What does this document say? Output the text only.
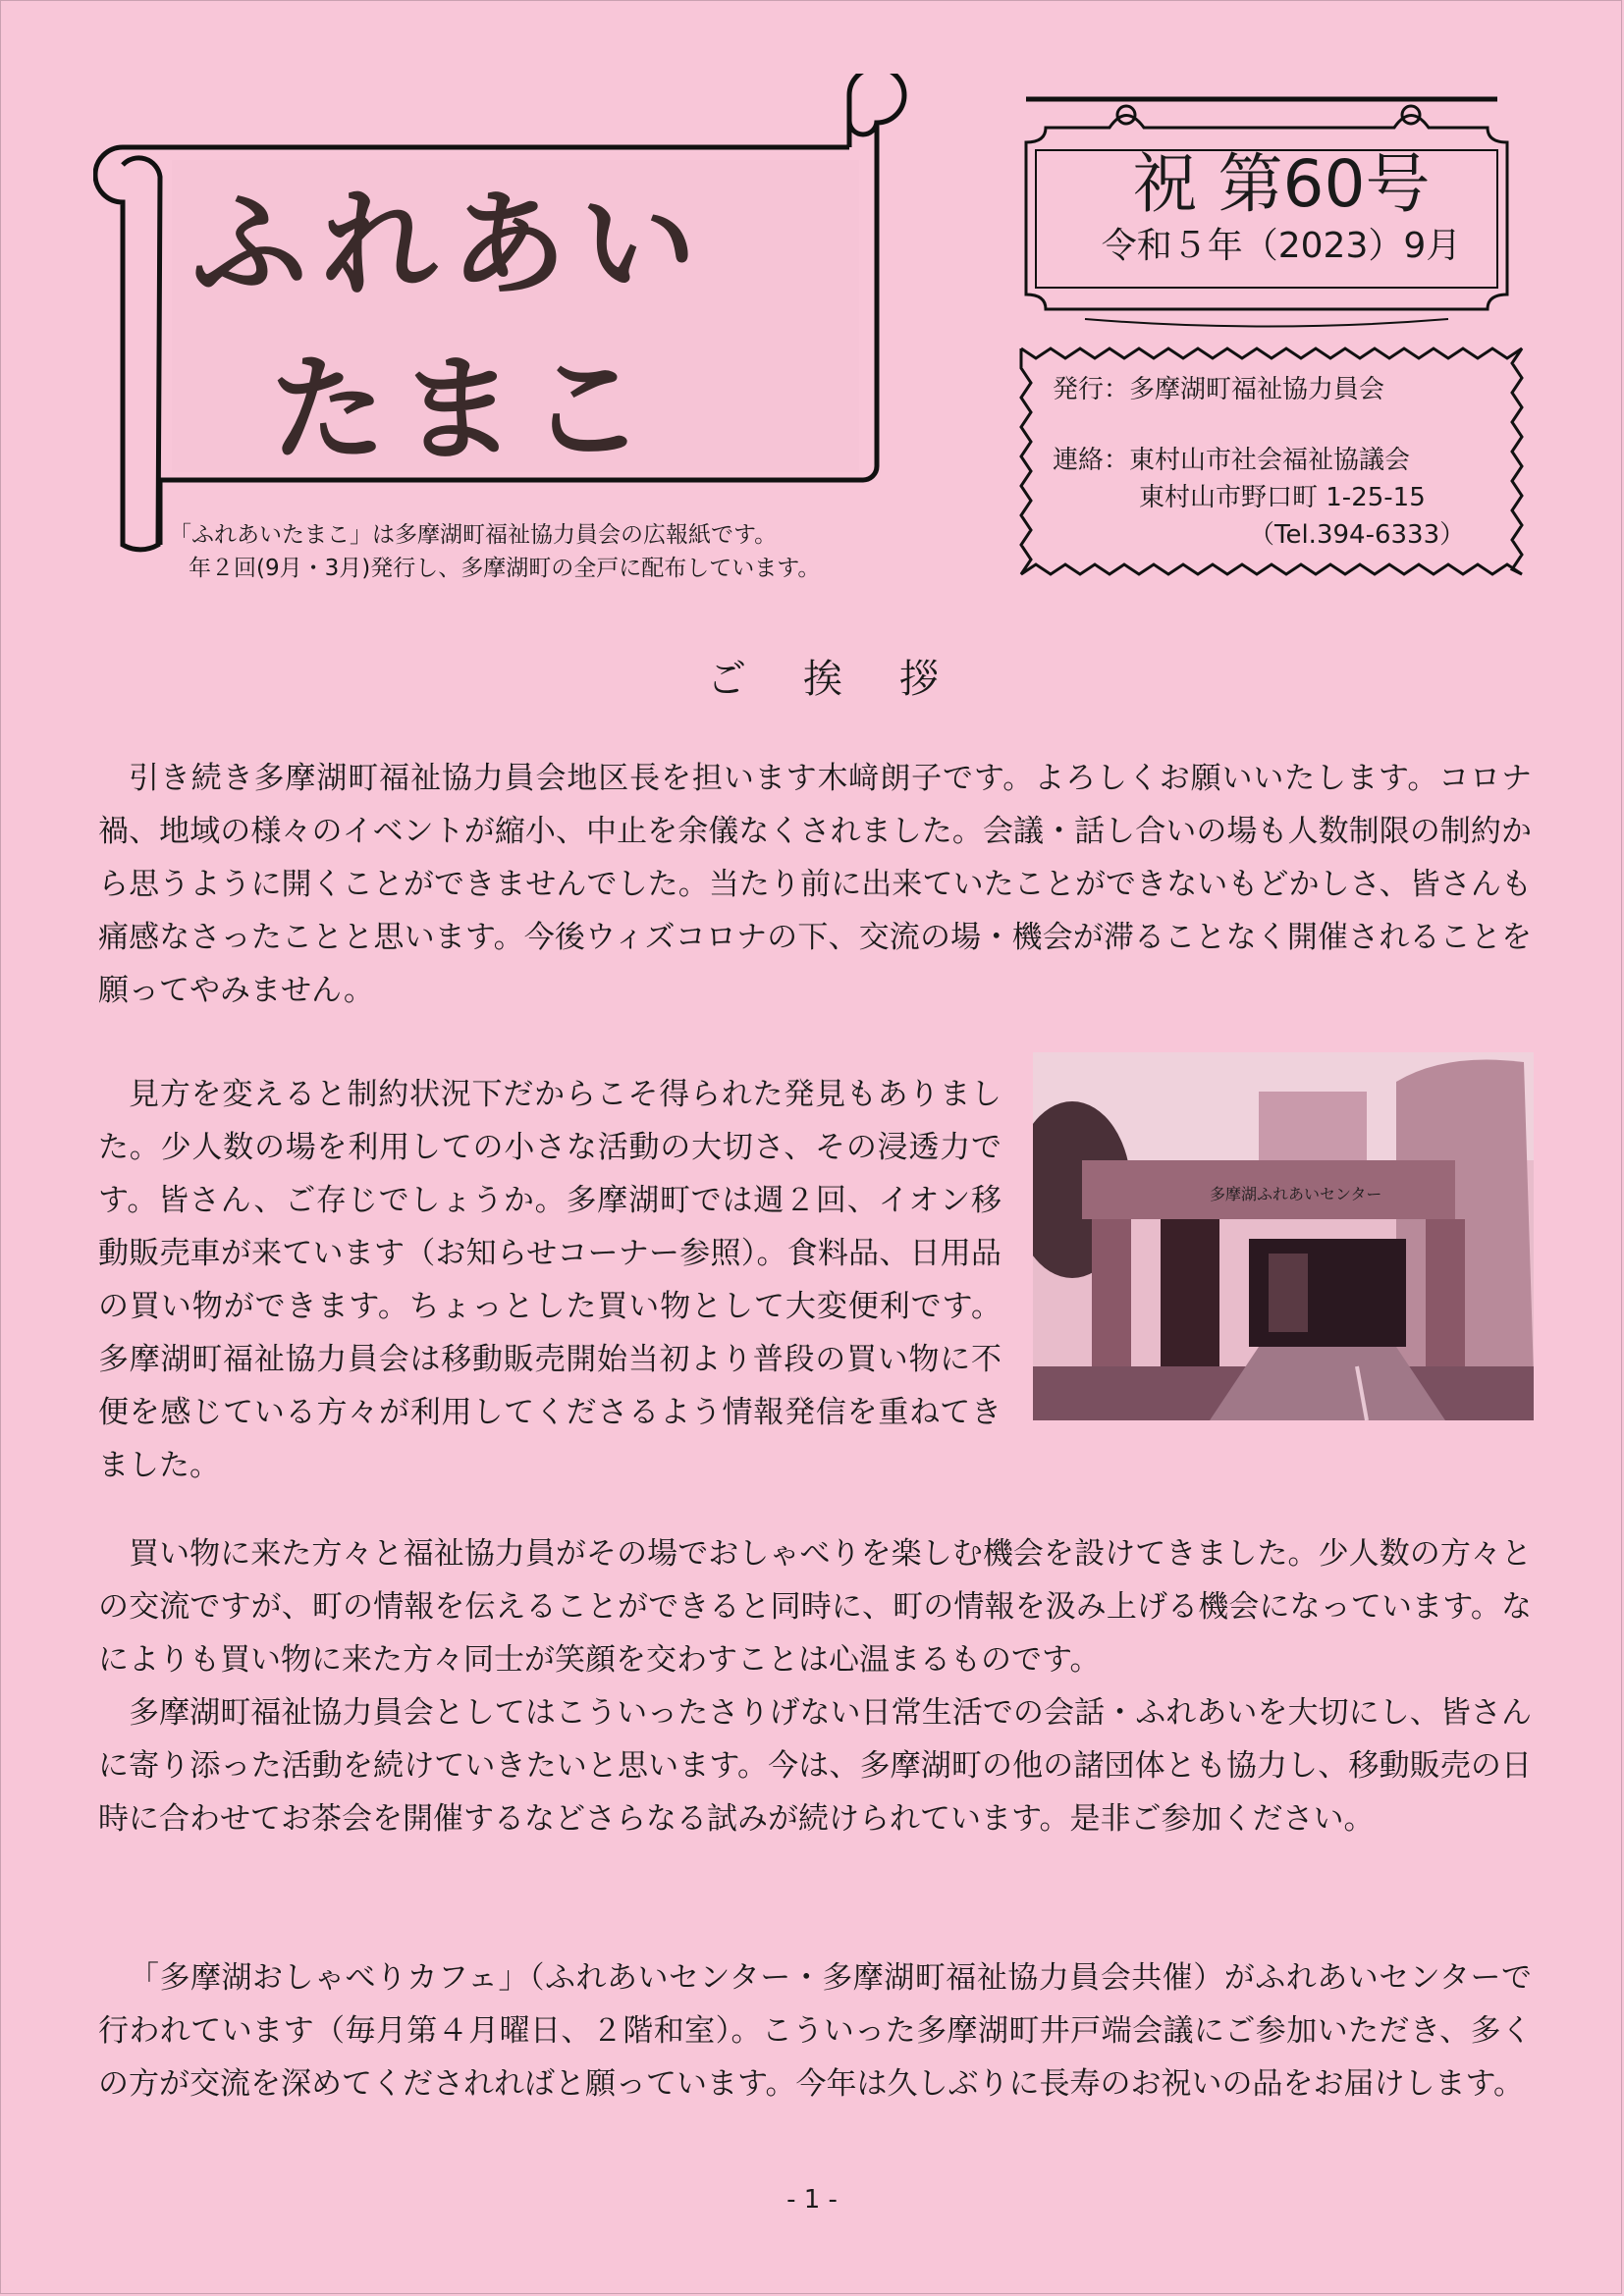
ふれあい
たまこ
「ふれあいたまこ」は多摩湖町福祉協力員会の広報紙です。
年２回(9月・3月)発行し、多摩湖町の全戸に配布しています。
祝 第60号
令和５年（2023）9月
発行：多摩湖町福祉協力員会
連絡：東村山市社会福祉協議会
東村山市野口町 1-25-15
（Tel.394-6333）
ご挨拶

引き続き多摩湖町福祉協力員会地区長を担います木﨑朗子です。よろしくお願いいたします。コロナ禍、地域の様々のイベントが縮小、中止を余儀なくされました。会議・話し合いの場も人数制限の制約から思うように開くことができませんでした。当たり前に出来ていたことができないもどかしさ、皆さんも痛感なさったことと思います。今後ウィズコロナの下、交流の場・機会が滞ることなく開催されることを願ってやみません。

見方を変えると制約状況下だからこそ得られた発見もありました。少人数の場を利用しての小さな活動の大切さ、その浸透力です。皆さん、ご存じでしょうか。多摩湖町では週２回、イオン移動販売車が来ています（お知らせコーナー参照）。食料品、日用品の買い物ができます。ちょっとした買い物として大変便利です。多摩湖町福祉協力員会は移動販売開始当初より普段の買い物に不便を感じている方々が利用してくださるよう情報発信を重ねてきました。

多摩湖ふれあいセンター

買い物に来た方々と福祉協力員がその場でおしゃべりを楽しむ機会を設けてきました。少人数の方々との交流ですが、町の情報を伝えることができると同時に、町の情報を汲み上げる機会になっています。なによりも買い物に来た方々同士が笑顔を交わすことは心温まるものです。

多摩湖町福祉協力員会としてはこういったさりげない日常生活での会話・ふれあいを大切にし、皆さんに寄り添った活動を続けていきたいと思います。今は、多摩湖町の他の諸団体とも協力し、移動販売の日時に合わせてお茶会を開催するなどさらなる試みが続けられています。是非ご参加ください。

「多摩湖おしゃべりカフェ」（ふれあいセンター・多摩湖町福祉協力員会共催）がふれあいセンターで行われています（毎月第４月曜日、２階和室）。こういった多摩湖町井戸端会議にご参加いただき、多くの方が交流を深めてくだされればと願っています。今年は久しぶりに長寿のお祝いの品をお届けします。

- 1 -
